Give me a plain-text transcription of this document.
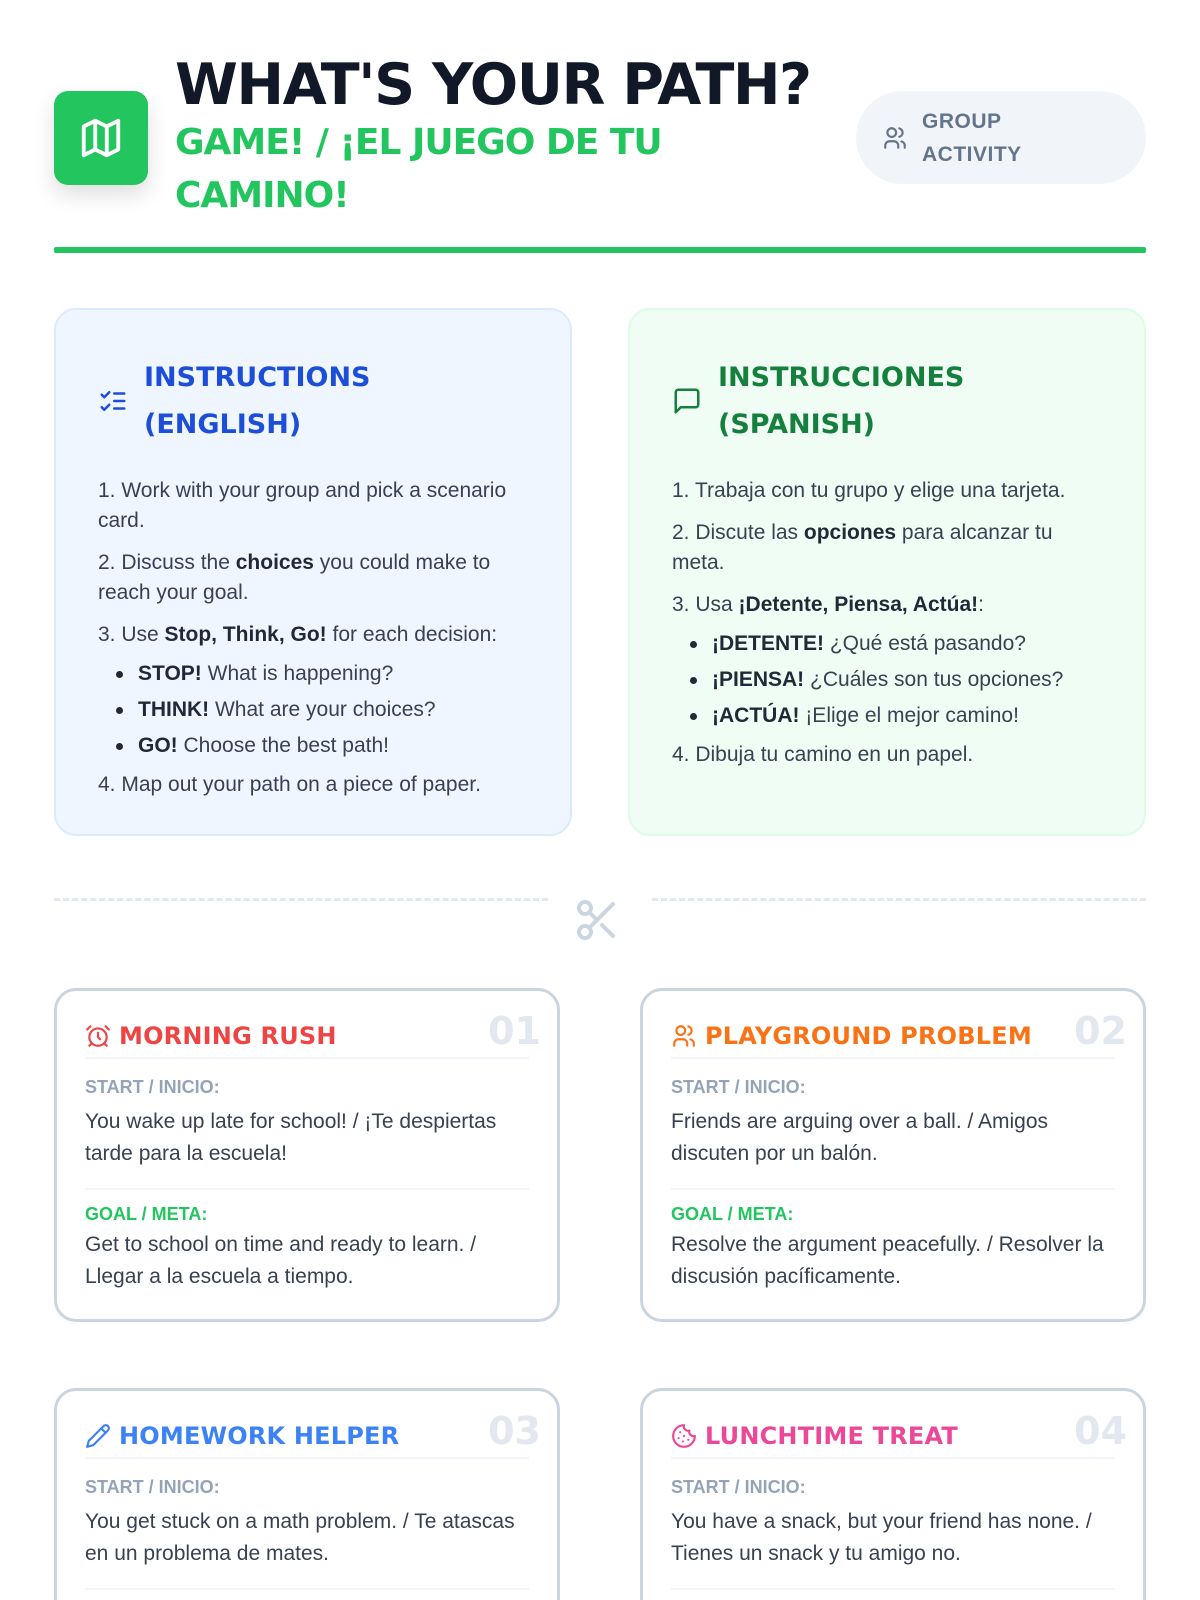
WHAT'S YOUR PATH?
GAME! / ¡EL JUEGO DE TU CAMINO!
GROUP ACTIVITY
INSTRUCTIONS (ENGLISH)
1. Work with your group and pick a scenario card.
2. Discuss the choices you could make to reach your goal.
3. Use Stop, Think, Go! for each decision:
STOP! What is happening?
THINK! What are your choices?
GO! Choose the best path!
4. Map out your path on a piece of paper.
INSTRUCCIONES (SPANISH)
1. Trabaja con tu grupo y elige una tarjeta.
2. Discute las opciones para alcanzar tu meta.
3. Usa ¡Detente, Piensa, Actúa!:
¡DETENTE! ¿Qué está pasando?
¡PIENSA! ¿Cuáles son tus opciones?
¡ACTÚA! ¡Elige el mejor camino!
4. Dibuja tu camino en un papel.
01
MORNING RUSH
START / INICIO:
You wake up late for school! / ¡Te despiertas tarde para la escuela!
GOAL / META:
Get to school on time and ready to learn. / Llegar a la escuela a tiempo.
02
PLAYGROUND PROBLEM
START / INICIO:
Friends are arguing over a ball. / Amigos discuten por un balón.
GOAL / META:
Resolve the argument peacefully. / Resolver la discusión pacíficamente.
03
HOMEWORK HELPER
START / INICIO:
You get stuck on a math problem. / Te atascas en un problema de mates.
04
LUNCHTIME TREAT
START / INICIO:
You have a snack, but your friend has none. / Tienes un snack y tu amigo no.
